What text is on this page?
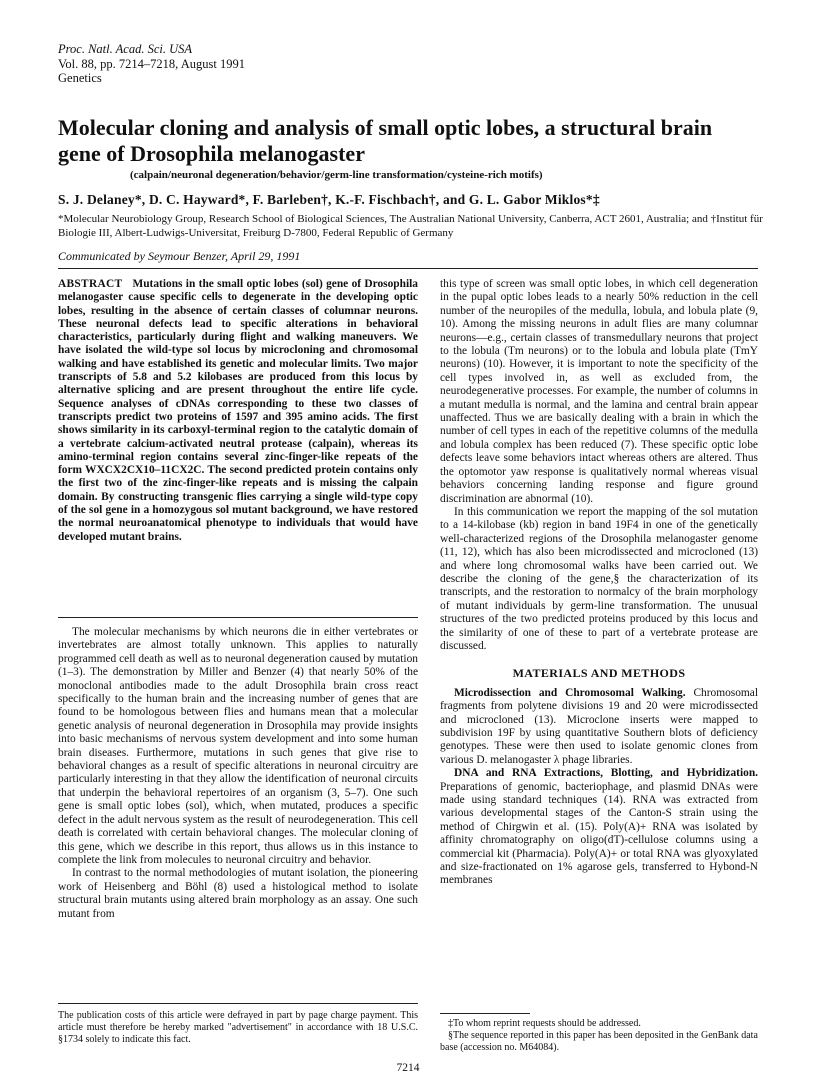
Proc. Natl. Acad. Sci. USA
Vol. 88, pp. 7214–7218, August 1991
Genetics
Molecular cloning and analysis of small optic lobes, a structural brain gene of Drosophila melanogaster
(calpain/neuronal degeneration/behavior/germ-line transformation/cysteine-rich motifs)
S. J. Delaney*, D. C. Hayward*, F. Barleben†, K.-F. Fischbach†, and G. L. Gabor Miklos*‡
*Molecular Neurobiology Group, Research School of Biological Sciences, The Australian National University, Canberra, ACT 2601, Australia; and †Institut für Biologie III, Albert-Ludwigs-Universitat, Freiburg D-7800, Federal Republic of Germany
Communicated by Seymour Benzer, April 29, 1991

ABSTRACT Mutations in the small optic lobes (sol) gene of Drosophila melanogaster cause specific cells to degenerate in the developing optic lobes, resulting in the absence of certain classes of columnar neurons. These neuronal defects lead to specific alterations in behavioral characteristics, particularly during flight and walking maneuvers. We have isolated the wild-type sol locus by microcloning and chromosomal walking and have established its genetic and molecular limits. Two major transcripts of 5.8 and 5.2 kilobases are produced from this locus by alternative splicing and are present throughout the entire life cycle. Sequence analyses of cDNAs corresponding to these two classes of transcripts predict two proteins of 1597 and 395 amino acids. The first shows similarity in its carboxyl-terminal region to the catalytic domain of a vertebrate calcium-activated neutral protease (calpain), whereas its amino-terminal region contains several zinc-finger-like repeats of the form WXCX2CX10–11CX2C. The second predicted protein contains only the first two of the zinc-finger-like repeats and is missing the calpain domain. By constructing transgenic flies carrying a single wild-type copy of the sol gene in a homozygous sol mutant background, we have restored the normal neuroanatomical phenotype to individuals that would have developed mutant brains.

The molecular mechanisms by which neurons die in either vertebrates or invertebrates are almost totally unknown. This applies to naturally programmed cell death as well as to neuronal degeneration caused by mutation (1–3). The demonstration by Miller and Benzer (4) that nearly 50% of the monoclonal antibodies made to the adult Drosophila brain cross react specifically to the human brain and the increasing number of genes that are found to be homologous between flies and humans mean that a molecular genetic analysis of neuronal degeneration in Drosophila may provide insights into basic mechanisms of nervous system development and into some human brain diseases. Furthermore, mutations in such genes that give rise to behavioral changes as a result of specific alterations in neuronal circuitry are particularly interesting in that they allow the identification of neuronal circuits that underpin the behavioral repertoires of an organism (3, 5–7). One such gene is small optic lobes (sol), which, when mutated, produces a specific defect in the adult nervous system as the result of neurodegeneration. This cell death is correlated with certain behavioral changes. The molecular cloning of this gene, which we describe in this report, thus allows us in this instance to complete the link from molecules to neuronal circuitry and behavior.

In contrast to the normal methodologies of mutant isolation, the pioneering work of Heisenberg and Böhl (8) used a histological method to isolate structural brain mutants using altered brain morphology as an assay. One such mutant from

this type of screen was small optic lobes, in which cell degeneration in the pupal optic lobes leads to a nearly 50% reduction in the cell number of the neuropiles of the medulla, lobula, and lobula plate (9, 10). Among the missing neurons in adult flies are many columnar neurons—e.g., certain classes of transmedullary neurons that project to the lobula (Tm neurons) or to the lobula and lobula plate (TmY neurons) (10). However, it is important to note the specificity of the cell types involved in, as well as excluded from, the neurodegenerative processes. For example, the number of columns in a mutant medulla is normal, and the lamina and central brain appear unaffected. Thus we are basically dealing with a brain in which the number of cell types in each of the repetitive columns of the medulla and lobula complex has been reduced (7). These specific optic lobe defects leave some behaviors intact whereas others are altered. Thus the optomotor yaw response is qualitatively normal whereas visual behaviors concerning landing response and figure ground discrimination are abnormal (10).

In this communication we report the mapping of the sol mutation to a 14-kilobase (kb) region in band 19F4 in one of the genetically well-characterized regions of the Drosophila melanogaster genome (11, 12), which has also been microdissected and microcloned (13) and where long chromosomal walks have been carried out. We describe the cloning of the gene,§ the characterization of its transcripts, and the restoration to normalcy of the brain morphology of mutant individuals by germ-line transformation. The unusual structures of the two predicted proteins produced by this locus and the similarity of one of these to part of a vertebrate protease are discussed.

MATERIALS AND METHODS

Microdissection and Chromosomal Walking. Chromosomal fragments from polytene divisions 19 and 20 were microdissected and microcloned (13). Microclone inserts were mapped to subdivision 19F by using quantitative Southern blots of deficiency genotypes. These were then used to isolate genomic clones from various D. melanogaster λ phage libraries.

DNA and RNA Extractions, Blotting, and Hybridization. Preparations of genomic, bacteriophage, and plasmid DNAs were made using standard techniques (14). RNA was extracted from various developmental stages of the Canton-S strain using the method of Chirgwin et al. (15). Poly(A)+ RNA was isolated by affinity chromatography on oligo(dT)-cellulose columns using a commercial kit (Pharmacia). Poly(A)+ or total RNA was glyoxylated and size-fractionated on 1% agarose gels, transferred to Hybond-N membranes

The publication costs of this article were defrayed in part by page charge payment. This article must therefore be hereby marked "advertisement" in accordance with 18 U.S.C. §1734 solely to indicate this fact.
‡To whom reprint requests should be addressed.
§The sequence reported in this paper has been deposited in the GenBank data base (accession no. M64084).
7214
